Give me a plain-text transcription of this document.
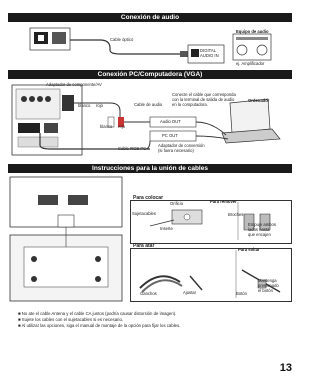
Conexión de audio
Conexión PC/Computadora (VGA)
Instrucciones para la unión de cables
Cable óptico
DIGITAL
AUDIO IN
Equipo de audio
ej. Amplificador
Adaptador de componente/AV
Cable de audio
Conecte el cable que corresponda
con la terminal de salida de audio
en la computadora.
Ordenador
Audio OUT
PC OUT
blanco rojo
blanco rojo
Cable RGB PC
Adaptador de conversión
(si fuera necesario)
Para colocar
Orificio
Sujetacables
Inserte
Para remover
Broches
Empuje ambos
lados hasta
que encajen
Para atar
Ganchos	Ajustar
Para soltar
Botón
Mantenga
presionado
el botón
■ No ate el cable Antena y el cable CA juntos (podría causar distorsión de imagen).
■ Sujete los cables con el sujetacables si es necesario.
■ Al utilizar las opciones, siga el manual de montaje de la opción para fijar los cables.
13
